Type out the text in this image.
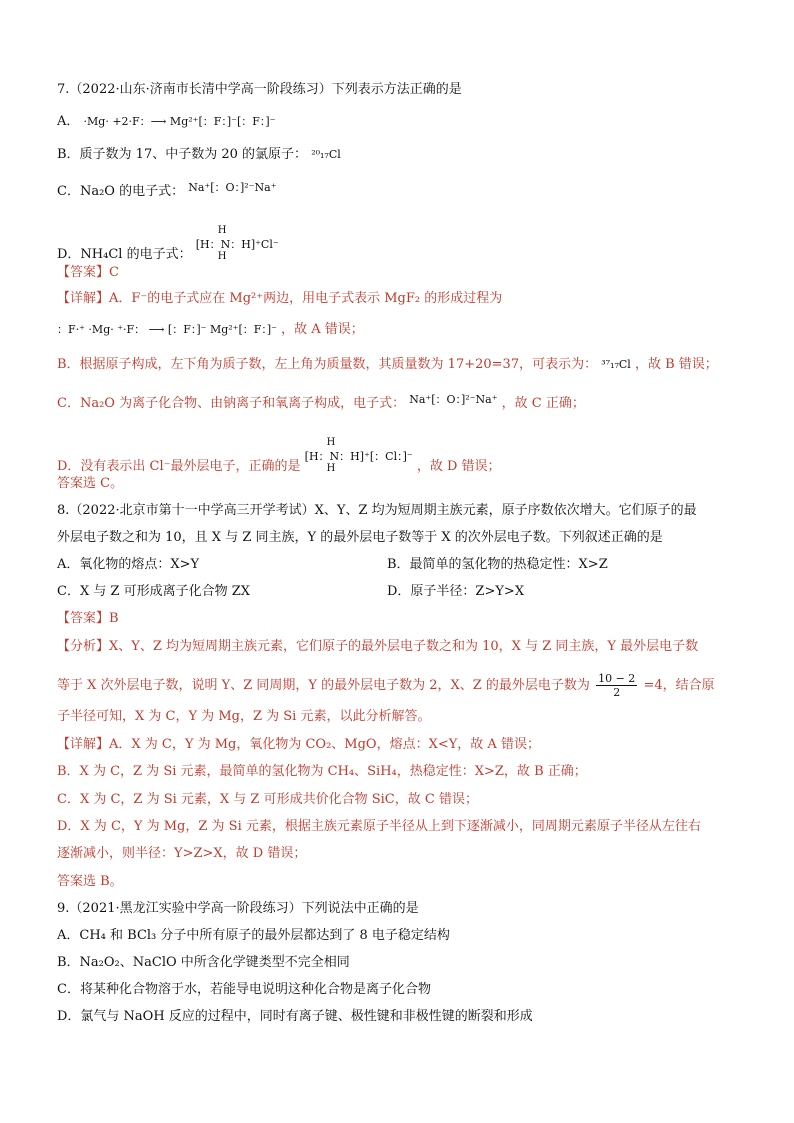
7.（2022·山东·济南市长清中学高一阶段练习）下列表示方法正确的是
A． ·Mg· +2·F：⟶ Mg²⁺[：F：]⁻[：F：]⁻
B．质子数为 17、中子数为 20 的氯原子： ²⁰₁₇Cl
C．Na₂O 的电子式： Na⁺[：O：]²⁻Na⁺
D．NH₄Cl 的电子式：
H
[H：N：H]⁺Cl⁻
H
【答案】C
【详解】A．F⁻的电子式应在 Mg²⁺两边，用电子式表示 MgF₂ 的形成过程为
：F·⁺ ·Mg· ⁺·F： ⟶ [：F：]⁻ Mg²⁺[：F：]⁻ ，故 A 错误；
B．根据原子构成，左下角为质子数，左上角为质量数，其质量数为 17+20=37，可表示为： ³⁷₁₇Cl ，故 B 错误；
C．Na₂O 为离子化合物、由钠离子和氧离子构成，电子式： Na⁺[：O：]²⁻Na⁺ ，故 C 正确；
D．没有表示出 Cl⁻最外层电子，正确的是
H
[H：N：H]⁺[：Cl：]⁻
H	，故 D 错误；
答案选 C。
8.（2022·北京市第十一中学高三开学考试）X、Y、Z 均为短周期主族元素，原子序数依次增大。它们原子的最
外层电子数之和为 10，且 X 与 Z 同主族，Y 的最外层电子数等于 X 的次外层电子数。下列叙述正确的是
A．氧化物的熔点：X>Y	B．最简单的氢化物的热稳定性：X>Z
C．X 与 Z 可形成离子化合物 ZX	D．原子半径：Z>Y>X
【答案】B
【分析】X、Y、Z 均为短周期主族元素，它们原子的最外层电子数之和为 10，X 与 Z 同主族，Y 最外层电子数
等于 X 次外层电子数，说明 Y、Z 同周期，Y 的最外层电子数为 2，X、Z 的最外层电子数为 $\frac{10 - 2}{2} =4$，结合原
子半径可知，X 为 C，Y 为 Mg，Z 为 Si 元素，以此分析解答。
【详解】A．X 为 C，Y 为 Mg，氧化物为 CO₂、MgO，熔点：X<Y，故 A 错误；
B．X 为 C，Z 为 Si 元素，最简单的氢化物为 CH₄、SiH₄，热稳定性：X>Z，故 B 正确；
C．X 为 C，Z 为 Si 元素，X 与 Z 可形成共价化合物 SiC，故 C 错误；
D．X 为 C，Y 为 Mg，Z 为 Si 元素，根据主族元素原子半径从上到下逐渐减小，同周期元素原子半径从左往右
逐渐减小，则半径：Y>Z>X，故 D 错误；
答案选 B。
9.（2021·黑龙江实验中学高一阶段练习）下列说法中正确的是
A．CH₄ 和 BCl₃ 分子中所有原子的最外层都达到了 8 电子稳定结构
B．Na₂O₂、NaClO 中所含化学键类型不完全相同
C．将某种化合物溶于水，若能导电说明这种化合物是离子化合物
D．氯气与 NaOH 反应的过程中，同时有离子键、极性键和非极性键的断裂和形成
